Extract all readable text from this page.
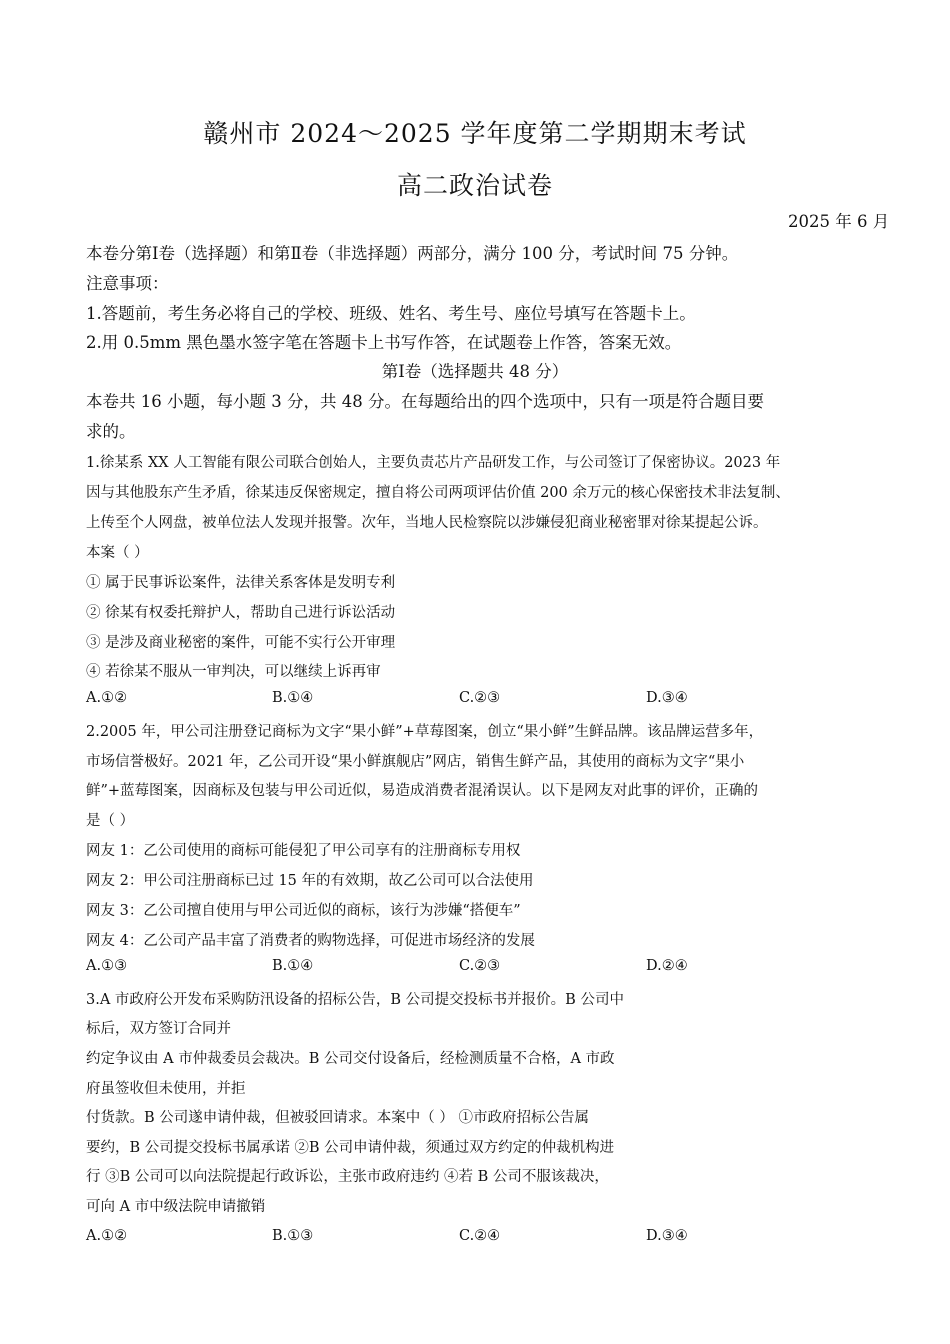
赣州市 2024～2025 学年度第二学期期末考试
高二政治试卷
2025 年 6 月
本卷分第Ⅰ卷（选择题）和第Ⅱ卷（非选择题）两部分，满分 100 分，考试时间 75 分钟。
注意事项：
1.答题前，考生务必将自己的学校、班级、姓名、考生号、座位号填写在答题卡上。
2.用 0.5mm 黑色墨水签字笔在答题卡上书写作答，在试题卷上作答，答案无效。
第Ⅰ卷（选择题共 48 分）
本卷共 16 小题，每小题 3 分，共 48 分。在每题给出的四个选项中，只有一项是符合题目要
求的。
1.徐某系 XX 人工智能有限公司联合创始人，主要负责芯片产品研发工作，与公司签订了保密协议。2023 年
因与其他股东产生矛盾，徐某违反保密规定，擅自将公司两项评估价值 200 余万元的核心保密技术非法复制、
上传至个人网盘，被单位法人发现并报警。次年，当地人民检察院以涉嫌侵犯商业秘密罪对徐某提起公诉。
本案（ ）
① 属于民事诉讼案件，法律关系客体是发明专利
② 徐某有权委托辩护人，帮助自己进行诉讼活动
③ 是涉及商业秘密的案件，可能不实行公开审理
④ 若徐某不服从一审判决，可以继续上诉再审
A.①②	B.①④	C.②③	D.③④
2.2005 年，甲公司注册登记商标为文字“果小鲜”+草莓图案，创立“果小鲜”生鲜品牌。该品牌运营多年，
市场信誉极好。2021 年，乙公司开设“果小鲜旗舰店”网店，销售生鲜产品，其使用的商标为文字“果小
鲜”+蓝莓图案，因商标及包装与甲公司近似，易造成消费者混淆误认。以下是网友对此事的评价，正确的
是（ ）
网友 1：乙公司使用的商标可能侵犯了甲公司享有的注册商标专用权
网友 2：甲公司注册商标已过 15 年的有效期，故乙公司可以合法使用
网友 3：乙公司擅自使用与甲公司近似的商标，该行为涉嫌“搭便车”
网友 4：乙公司产品丰富了消费者的购物选择，可促进市场经济的发展
A.①③	B.①④	C.②③	D.②④
3.A 市政府公开发布采购防汛设备的招标公告，B 公司提交投标书并报价。B 公司中
标后，双方签订合同并
约定争议由 A 市仲裁委员会裁决。B 公司交付设备后，经检测质量不合格，A 市政
府虽签收但未使用，并拒
付货款。B 公司遂申请仲裁，但被驳回请求。本案中（ ） ①市政府招标公告属
要约，B 公司提交投标书属承诺 ②B 公司申请仲裁，须通过双方约定的仲裁机构进
行 ③B 公司可以向法院提起行政诉讼，主张市政府违约 ④若 B 公司不服该裁决，
可向 A 市中级法院申请撤销
A.①②	B.①③	C.②④	D.③④
